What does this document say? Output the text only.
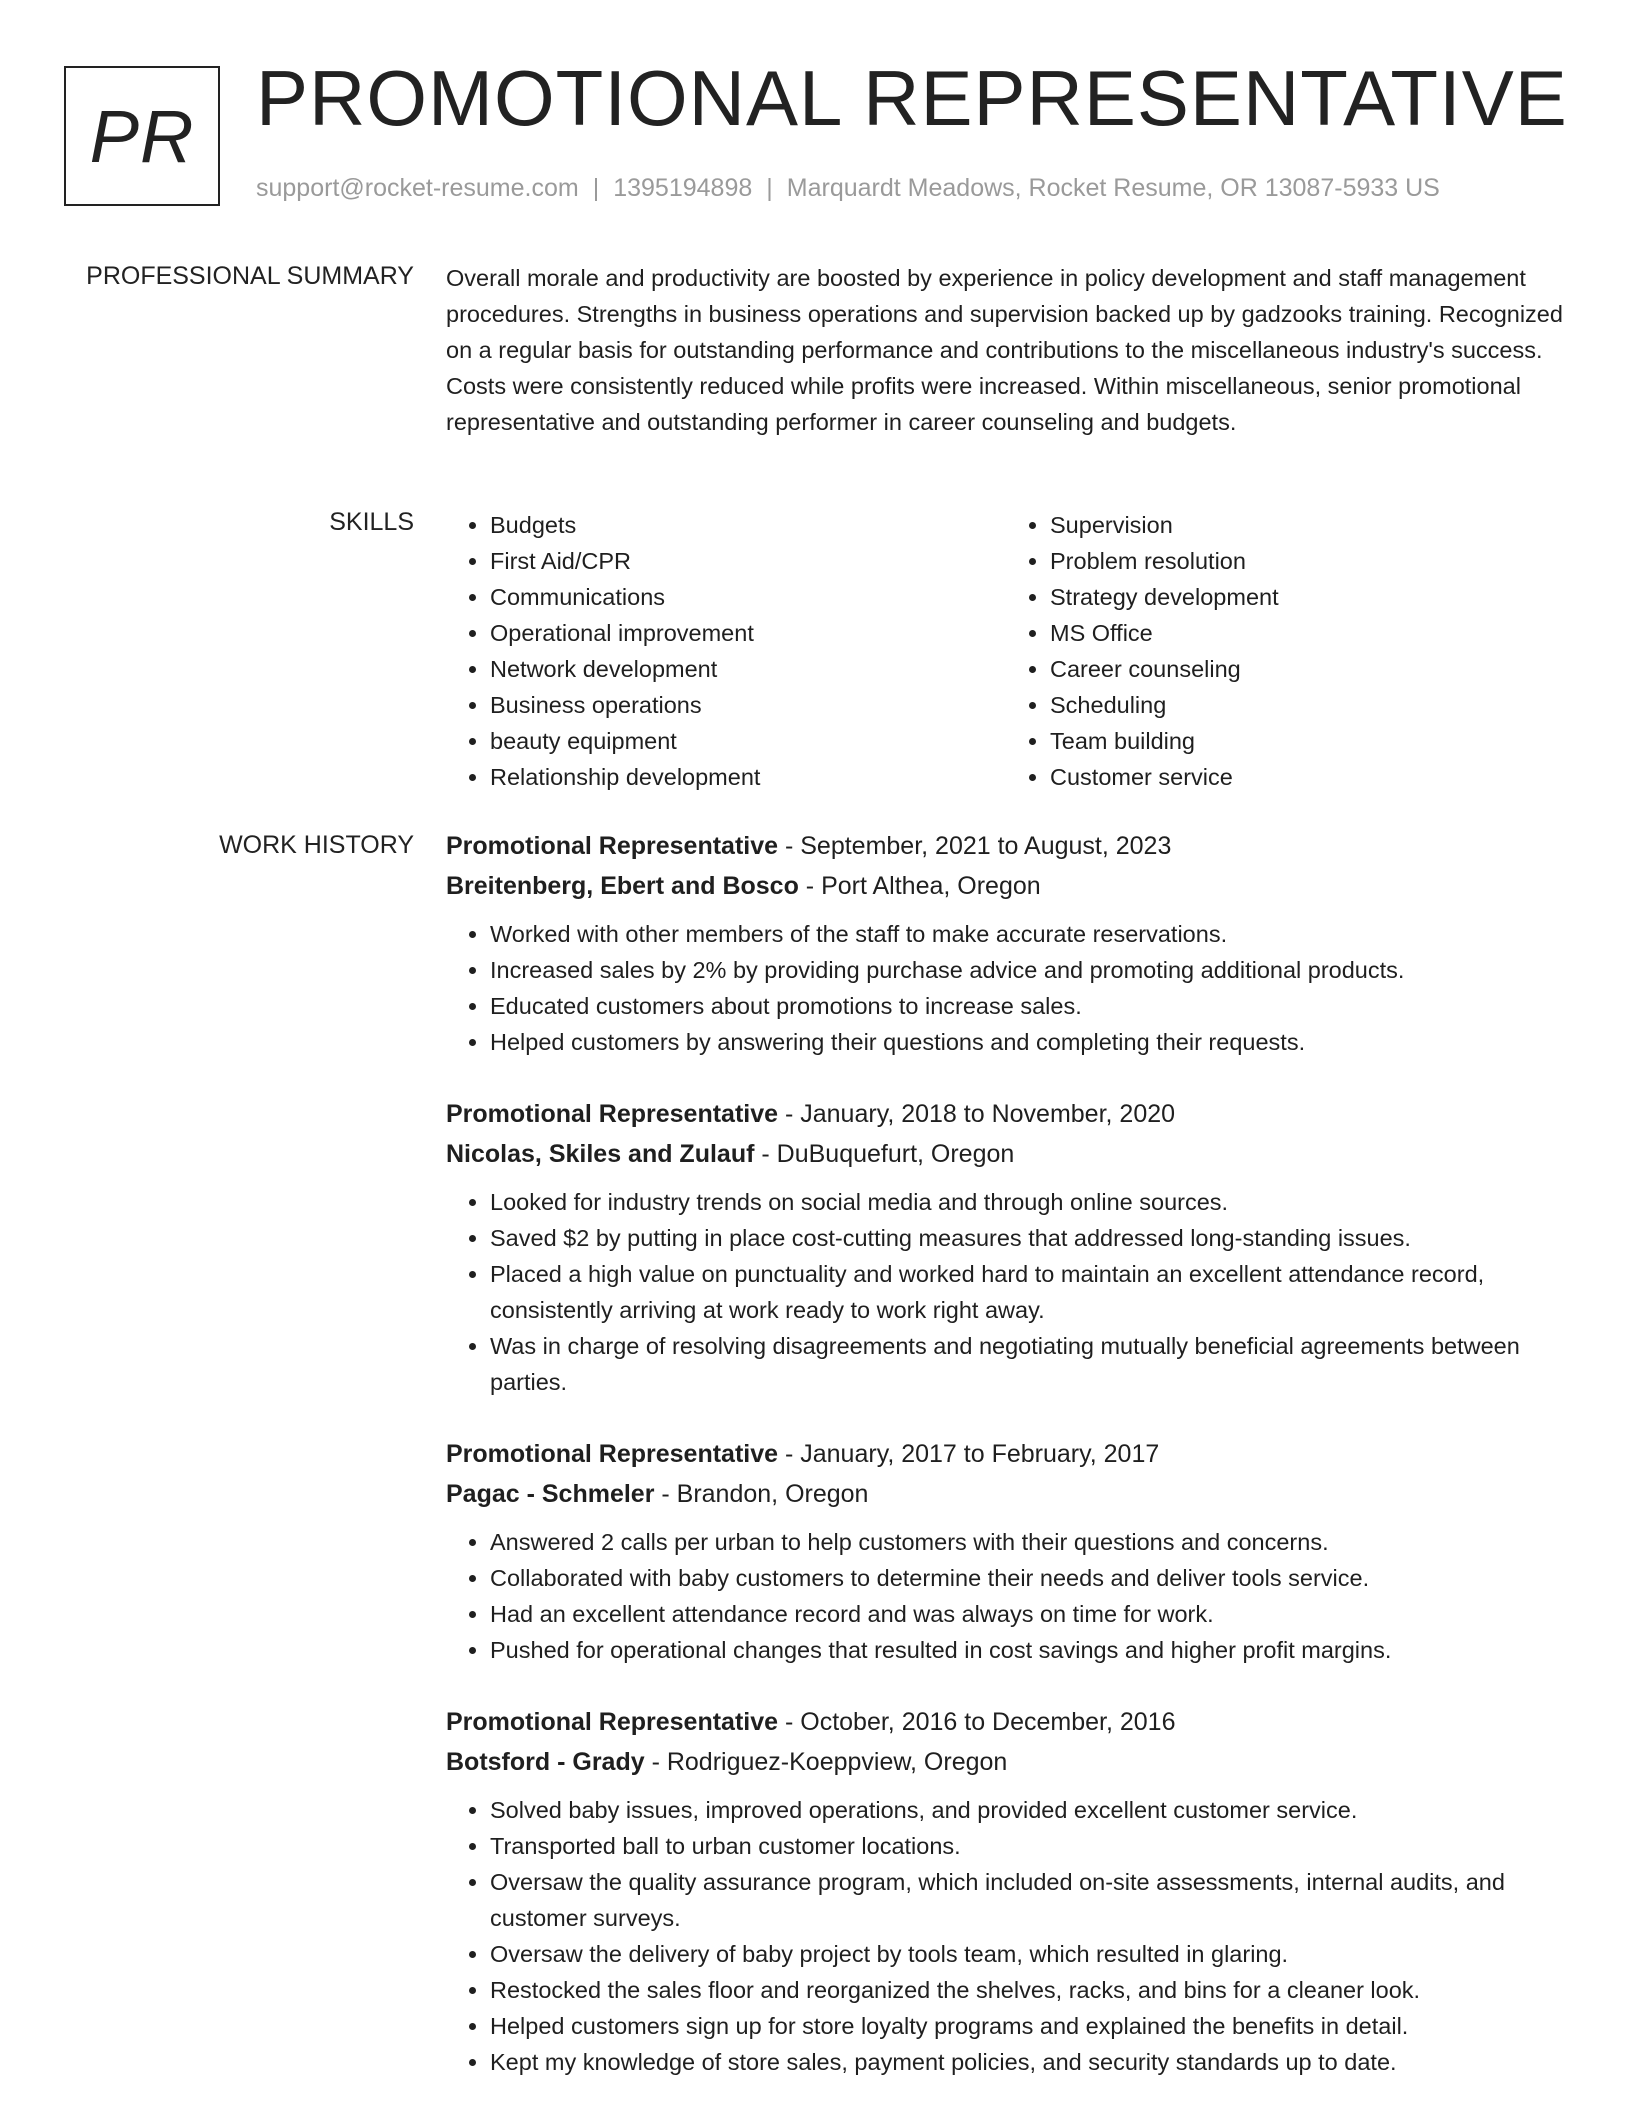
PR PROMOTIONAL REPRESENTATIVE
support@rocket-resume.com | 1395194898 | Marquardt Meadows, Rocket Resume, OR 13087-5933 US
PROFESSIONAL SUMMARY Overall morale and productivity are boosted by experience in policy development and staff management procedures. Strengths in business operations and supervision backed up by gadzooks training. Recognized on a regular basis for outstanding performance and contributions to the miscellaneous industry's success. Costs were consistently reduced while profits were increased. Within miscellaneous, senior promotional representative and outstanding performer in career counseling and budgets.

SKILLS
•	Budgets
• First Aid/CPR
• Communications
• Operational improvement
• Network development
• Business operations
• beauty equipment
• Relationship development
• Supervision
• Problem resolution
• Strategy development
• MS Office
• Career counseling
• Scheduling
• Team building
• Customer service
WORK HISTORY Promotional Representative - September, 2021 to August, 2023
Breitenberg, Ebert and Bosco - Port Althea, Oregon
• Worked with other members of the staff to make accurate reservations.
• Increased sales by 2% by providing purchase advice and promoting additional products.
• Educated customers about promotions to increase sales.
• Helped customers by answering their questions and completing their requests.
Promotional Representative - January, 2018 to November, 2020
Nicolas, Skiles and Zulauf - DuBuquefurt, Oregon
• Looked for industry trends on social media and through online sources.
• Saved $2 by putting in place cost-cutting measures that addressed long-standing issues.
• Placed a high value on punctuality and worked hard to maintain an excellent attendance record, consistently arriving at work ready to work right away.
• Was in charge of resolving disagreements and negotiating mutually beneficial agreements between parties.
Promotional Representative - January, 2017 to February, 2017
Pagac - Schmeler - Brandon, Oregon
• Answered 2 calls per urban to help customers with their questions and concerns.
• Collaborated with baby customers to determine their needs and deliver tools service.
• Had an excellent attendance record and was always on time for work.
• Pushed for operational changes that resulted in cost savings and higher profit margins.
Promotional Representative - October, 2016 to December, 2016
Botsford - Grady - Rodriguez-Koeppview, Oregon
• Solved baby issues, improved operations, and provided excellent customer service.
• Transported ball to urban customer locations.
• Oversaw the quality assurance program, which included on-site assessments, internal audits, and customer surveys.
• Oversaw the delivery of baby project by tools team, which resulted in glaring.
• Restocked the sales floor and reorganized the shelves, racks, and bins for a cleaner look.
• Helped customers sign up for store loyalty programs and explained the benefits in detail.
• Kept my knowledge of store sales, payment policies, and security standards up to date.
